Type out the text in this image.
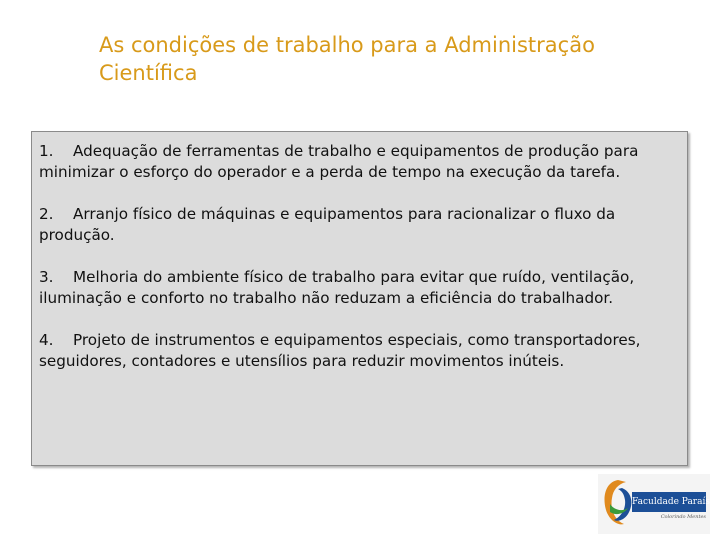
As condições de trabalho para a Administração Científica

1. Adequação de ferramentas de trabalho e equipamentos de produção para minimizar o esforço do operador e a perda de tempo na execução da tarefa.

2. Arranjo físico de máquinas e equipamentos para racionalizar o fluxo da produção.

3. Melhoria do ambiente físico de trabalho para evitar que ruído, ventilação, iluminação e conforto no trabalho não reduzam a eficiência do trabalhador.

4. Projeto de instrumentos e equipamentos especiais, como transportadores, seguidores, contadores e utensílios para reduzir movimentos inúteis.

Faculdade Paraíso
Colorindo Mentes
